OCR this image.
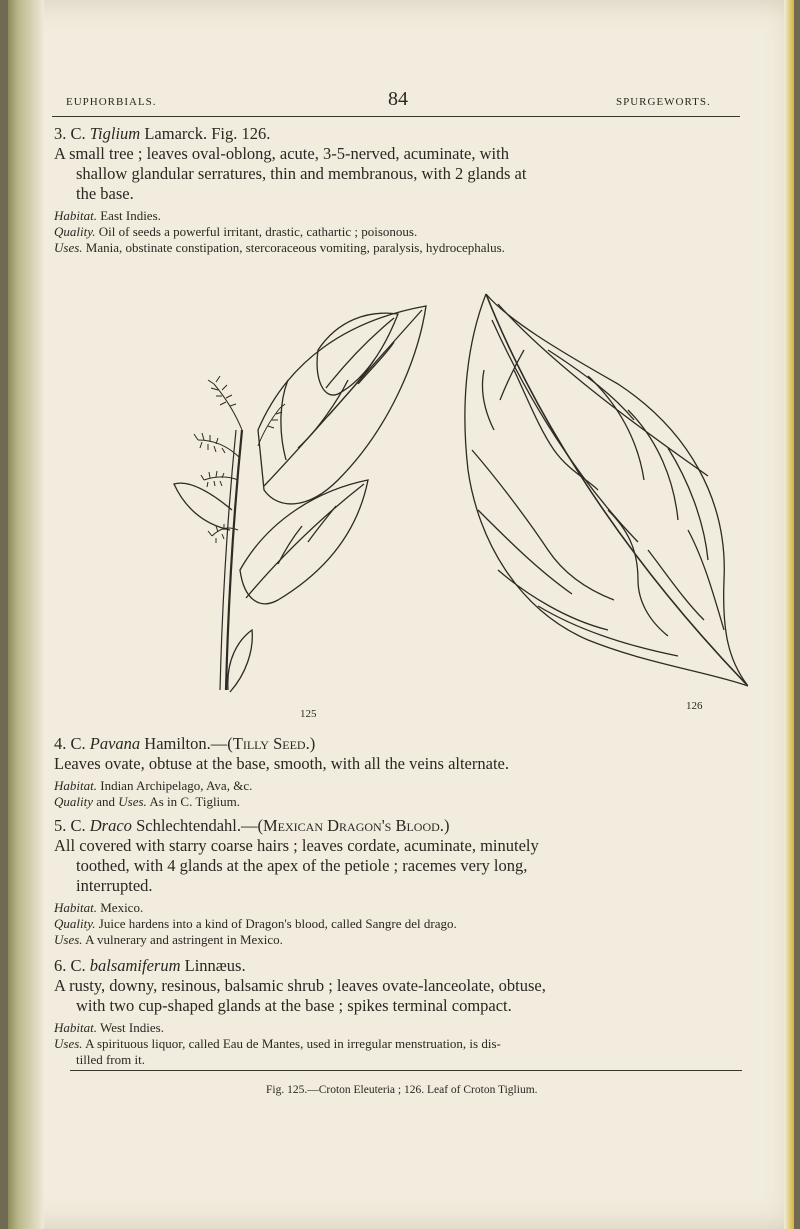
EUPHORBIALS.	84	SPURGEWORTS.
3. C. Tiglium Lamarck. Fig. 126.
A small tree ; leaves oval-oblong, acute, 3-5-nerved, acuminate, with
shallow glandular serratures, thin and membranous, with 2 glands at
the base.
Habitat. East Indies.
Quality. Oil of seeds a powerful irritant, drastic, cathartic ; poisonous.
Uses. Mania, obstinate constipation, stercoraceous vomiting, paralysis, hydrocephalus.
125
126
4. C. Pavana Hamilton.—(Tilly Seed.)
Leaves ovate, obtuse at the base, smooth, with all the veins alternate.
Habitat. Indian Archipelago, Ava, &c.
Quality and Uses. As in C. Tiglium.
5. C. Draco Schlechtendahl.—(Mexican Dragon's Blood.)
All covered with starry coarse hairs ; leaves cordate, acuminate, minutely
toothed, with 4 glands at the apex of the petiole ; racemes very long,
interrupted.
Habitat. Mexico.
Quality. Juice hardens into a kind of Dragon's blood, called Sangre del drago.
Uses. A vulnerary and astringent in Mexico.
6. C. balsamiferum Linnæus.
A rusty, downy, resinous, balsamic shrub ; leaves ovate-lanceolate, obtuse,
with two cup-shaped glands at the base ; spikes terminal compact.
Habitat. West Indies.
Uses. A spirituous liquor, called Eau de Mantes, used in irregular menstruation, is dis-
tilled from it.
Fig. 125.—Croton Eleuteria ; 126. Leaf of Croton Tiglium.
